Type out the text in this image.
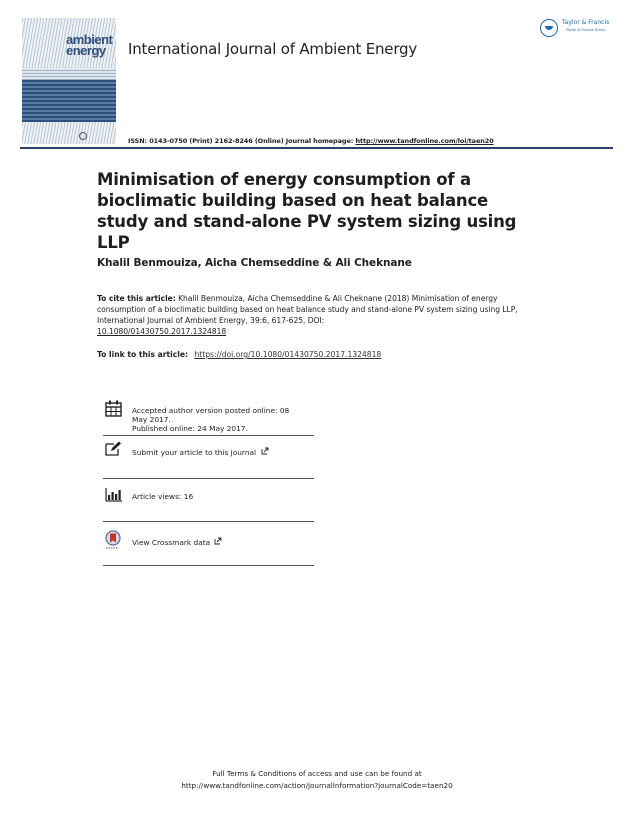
ambient
energy	International Journal of Ambient Energy
Taylor & Francis
Taylor & Francis Group
ISSN: 0143-0750 (Print) 2162-8246 (Online) Journal homepage: http://www.tandfonline.com/loi/taen20
Minimisation of energy consumption of a bioclimatic building based on heat balance study and stand-alone PV system sizing using LLP
Khalil Benmouiza, Aicha Chemseddine & Ali Cheknane
To cite this article: Khalil Benmouiza, Aicha Chemseddine & Ali Cheknane (2018) Minimisation of energy consumption of a bioclimatic building based on heat balance study and stand-alone PV system sizing using LLP, International Journal of Ambient Energy, 39:6, 617-625, DOI:
10.1080/01430750.2017.1324818
To link to this article: https://doi.org/10.1080/01430750.2017.1324818
Accepted author version posted online: 08
May 2017.
Published online: 24 May 2017.
Submit your article to this journal
Article views: 16
View Crossmark data
Full Terms & Conditions of access and use can be found at
http://www.tandfonline.com/action/journalInformation?journalCode=taen20
